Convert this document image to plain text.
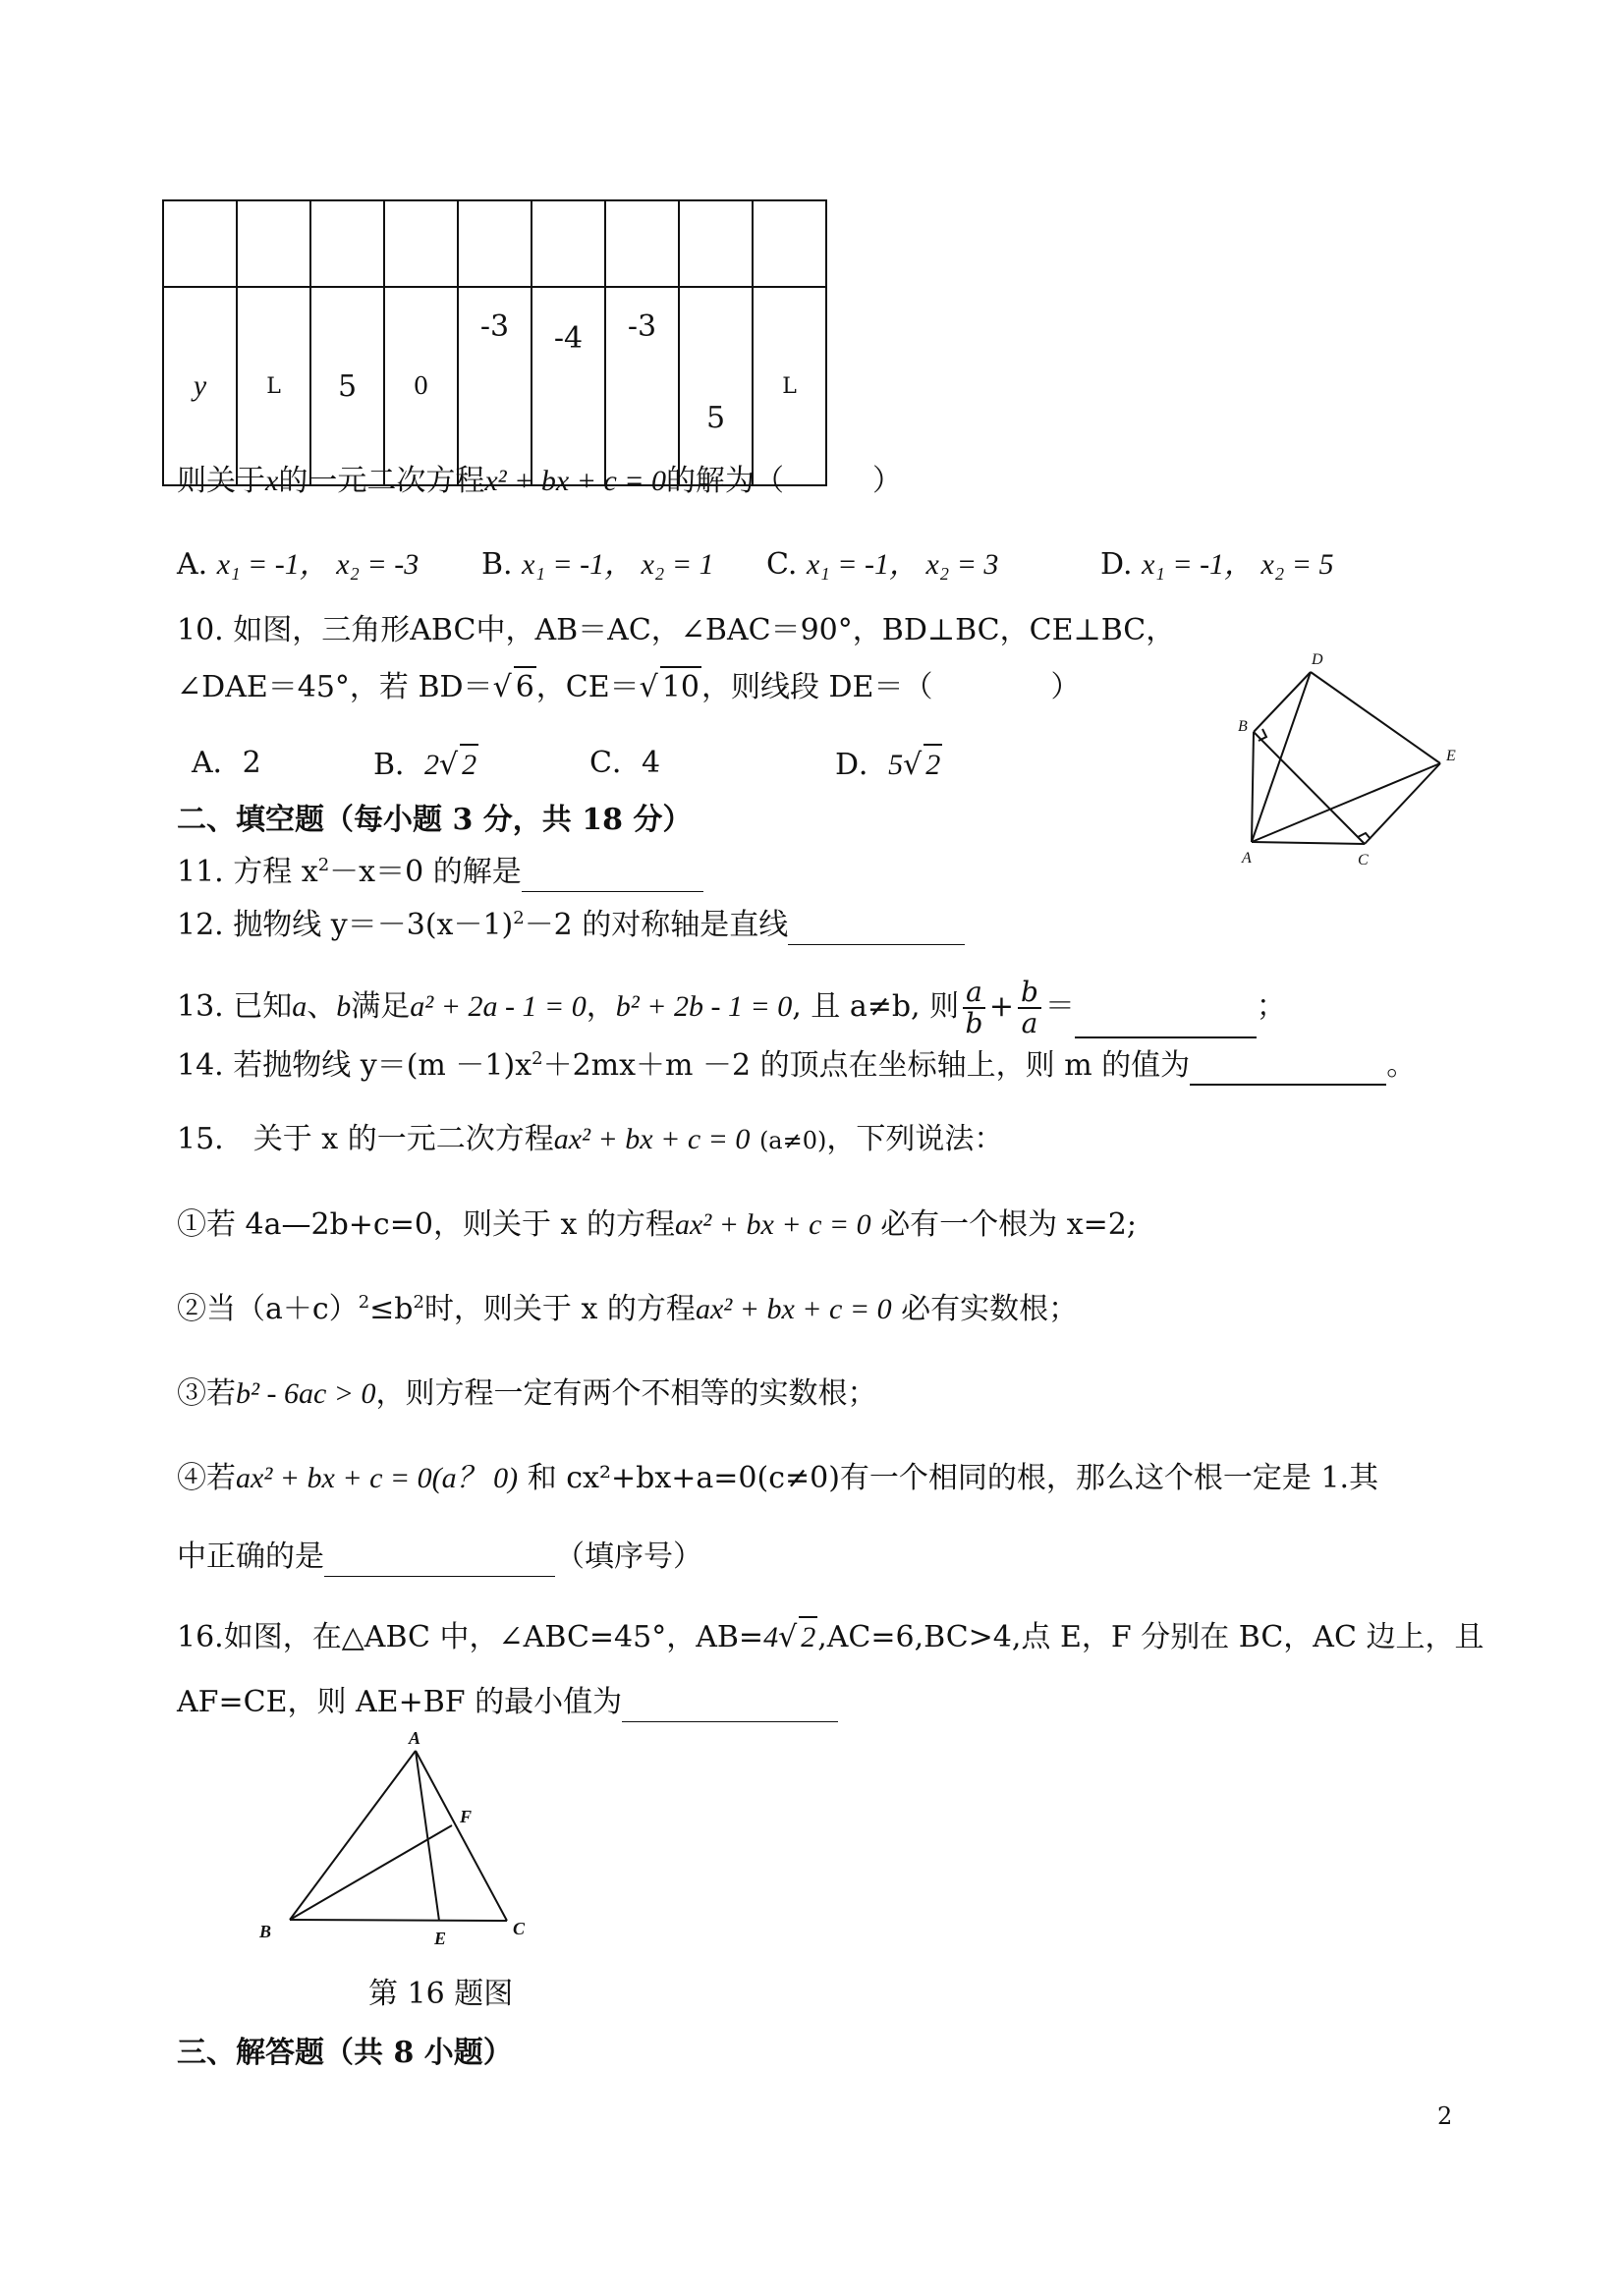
y	L	5	0	-3	-4	-3	5	L
则关于x的一元二次方程x² + bx + c = 0的解为（　　　）
A. x₁ = -1， x₂ = -3 B. x₁ = -1， x₂ = 1 C. x₁ = -1， x₂ = 3	D. x₁ = -1， x₂ = 5
10. 如图，三角形ABC中，AB＝AC，∠BAC＝90°，BD⊥BC，CE⊥BC，
∠DAE＝45°，若 BD＝√ 6，CE＝√ 10，则线段 DE＝（　　　　）
A．2	B．2√ 2	C．4	D．5√ 2
A
B
C
D
E
二、填空题（每小题 3 分，共 18 分）
11. 方程 $x^2-x=0$ 的解是
12. 抛物线 $y=-3(x-1)^2-2$ 的对称轴是直线
13. 已知a、b满足a² + 2a - 1 = 0，b² + 2b - 1 = 0, 且 a≠b, 则 $\frac{a}{b} + \frac{b}{a}$ ＝	；
14. 若抛物线 $y=(m -1)x^2+2mx+m -2$ 的顶点在坐标轴上，则 m 的值为	。
15.　关于 x 的一元二次方程ax² + bx + c = 0 (a≠0)，下列说法：
①若 4a—2b+c=0，则关于 x 的方程ax² + bx + c = 0 必有一个根为 x=2;
②当$(a+c)^2\le b^2$时，则关于 x 的方程ax² + bx + c = 0 必有实数根；
③若b² - 6ac > 0，则方程一定有两个不相等的实数根；
④若ax² + bx + c = 0(a？ 0) 和 cx²+bx+a=0(c≠0)有一个相同的根，那么这个根一定是 1.其
中正确的是	（填序号）
16.如图，在△ABC 中，∠ABC=45°，AB=4√ 2,AC=6,BC>4,点 E，F 分别在 BC，AC 边上，且
AF=CE，则 AE+BF 的最小值为
A
B	C
E
F
第 16 题图
三、解答题（共 8 小题）
2
